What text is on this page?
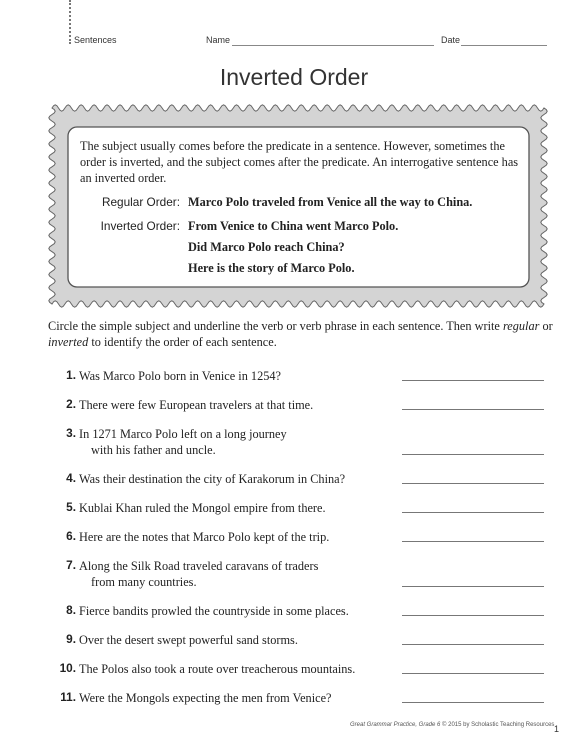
Sentences	Name	Date
Inverted Order
The subject usually comes before the predicate in a sentence. However, sometimes the order is inverted, and the subject comes after the predicate. An interrogative sentence has an inverted order.
Regular Order: Marco Polo traveled from Venice all the way to China.
Inverted Order: From Venice to China went Marco Polo.
Did Marco Polo reach China?
Here is the story of Marco Polo.
Circle the simple subject and underline the verb or verb phrase in each sentence. Then write regular or inverted to identify the order of each sentence.
1. Was Marco Polo born in Venice in 1254?
2. There were few European travelers at that time.
3. In 1271 Marco Polo left on a long journey
with his father and uncle.
4. Was their destination the city of Karakorum in China?
5. Kublai Khan ruled the Mongol empire from there.
6. Here are the notes that Marco Polo kept of the trip.
7. Along the Silk Road traveled caravans of traders
from many countries.
8. Fierce bandits prowled the countryside in some places.
9. Over the desert swept powerful sand storms.
10. The Polos also took a route over treacherous mountains.
11. Were the Mongols expecting the men from Venice?
Great Grammar Practice, Grade 6 © 2015 by Scholastic Teaching Resources 1
